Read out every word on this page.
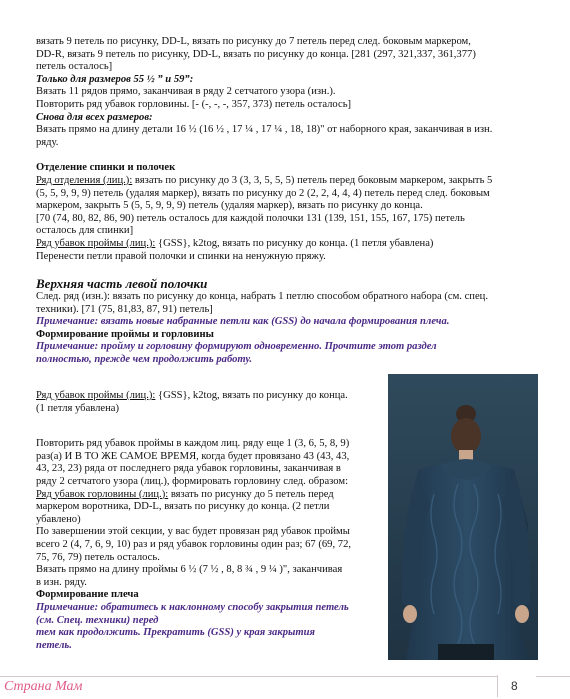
вязать 9 петель по рисунку, DD-L, вязать по рисунку до 7 петель перед след. боковым маркером,

DD-R, вязать 9 петель по рисунку, DD-L, вязать по рисунку до конца. [281 (297, 321,337, 361,377)

петель осталось]

Только для размеров 55 ½ ” и 59”:

Вязать 11 рядов прямо, заканчивая в ряду 2 сетчатого узора (изн.).

Повторить ряд убавок горловины. [- (-, -, -, 357, 373) петель осталось]

Снова для всех размеров:

Вязать прямо на длину детали 16 ½ (16 ½ , 17 ¼ , 17 ¼ , 18, 18)" от наборного края, заканчивая в изн.

ряду.

Отделение спинки и полочек

Ряд отделения (лиц.): вязать по рисунку до 3 (3, 3, 5, 5, 5) петель перед боковым маркером, закрыть 5

(5, 5, 9, 9, 9) петель (удаляя маркер), вязать по рисунку до 2 (2, 2, 4, 4, 4) петель перед след. боковым

маркером, закрыть 5 (5, 5, 9, 9, 9) петель (удаляя маркер), вязать по рисунку до конца.

[70 (74, 80, 82, 86, 90) петель осталось для каждой полочки 131 (139, 151, 155, 167, 175) петель

осталось для спинки]

Ряд убавок проймы (лиц.): {GSS}, k2tog, вязать по рисунку до конца. (1 петля убавлена)

Перенести петли правой полочки и спинки на ненужную пряжу.

Верхняя часть левой полочки

След. ряд (изн.): вязать по рисунку до конца, набрать 1 петлю способом обратного набора (см. спец.

техники). [71 (75, 81,83, 87, 91) петель]

Примечание: вязать новые набранные петли как (GSS) до начала формирования плеча.

Формирование проймы и горловины

Примечание: пройму и горловину формируют одновременно. Прочтите этот раздел

полностью, прежде чем продолжить работу.

Ряд убавок проймы (лиц.): {GSS}, k2tog, вязать по рисунку до конца.

(1 петля убавлена)

Повторить ряд убавок проймы в каждом лиц. ряду еще 1 (3, 6, 5, 8, 9)

раз(а) И В ТО ЖЕ САМОЕ ВРЕМЯ, когда будет провязано 43 (43, 43,

43, 23, 23) ряда от последнего ряда убавок горловины, заканчивая в

ряду 2 сетчатого узора (лиц.), формировать горловину след. образом:

Ряд убавок горловины (лиц.): вязать по рисунку до 5 петель перед

маркером воротника, DD-L, вязать по рисунку до конца. (2 петли

убавлено)

По завершении этой секции, у вас будет провязан ряд убавок проймы

всего 2 (4, 7, 6, 9, 10) раз и ряд убавок горловины один раз; 67 (69, 72,

75, 76, 79) петель осталось.

Вязать прямо на длину проймы 6 ½ (7 ½ , 8, 8 ¾ , 9 ¼ )", заканчивая

в изн. ряду.

Формирование плеча

Примечание: обратитесь к наклонному способу закрытия петель

(см. Спец. техники) перед

тем как продолжить. Прекратить (GSS) у края закрытия

петель.

Страна Мам	8
